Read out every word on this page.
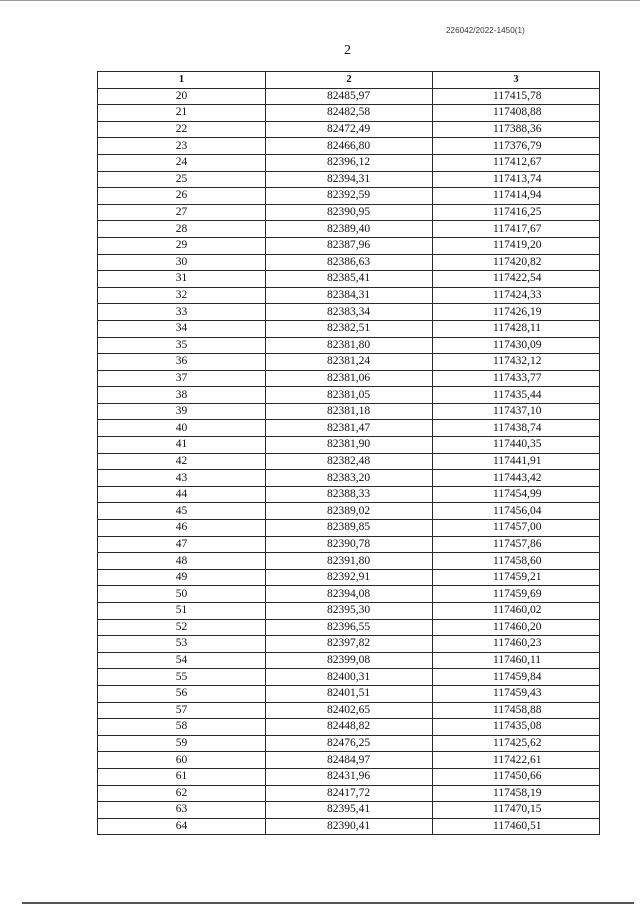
226042/2022-1450(1)
2
1	2	3
20	82485,97	117415,78
21	82482,58	117408,88
22	82472,49	117388,36
23	82466,80	117376,79
24	82396,12	117412,67
25	82394,31	117413,74
26	82392,59	117414,94
27	82390,95	117416,25
28	82389,40	117417,67
29	82387,96	117419,20
30	82386,63	117420,82
31	82385,41	117422,54
32	82384,31	117424,33
33	82383,34	117426,19
34	82382,51	117428,11
35	82381,80	117430,09
36	82381,24	117432,12
37	82381,06	117433,77
38	82381,05	117435,44
39	82381,18	117437,10
40	82381,47	117438,74
41	82381,90	117440,35
42	82382,48	117441,91
43	82383,20	117443,42
44	82388,33	117454,99
45	82389,02	117456,04
46	82389,85	117457,00
47	82390,78	117457,86
48	82391,80	117458,60
49	82392,91	117459,21
50	82394,08	117459,69
51	82395,30	117460,02
52	82396,55	117460,20
53	82397,82	117460,23
54	82399,08	117460,11
55	82400,31	117459,84
56	82401,51	117459,43
57	82402,65	117458,88
58	82448,82	117435,08
59	82476,25	117425,62
60	82484,97	117422,61
61	82431,96	117450,66
62	82417,72	117458,19
63	82395,41	117470,15
64	82390,41	117460,51
